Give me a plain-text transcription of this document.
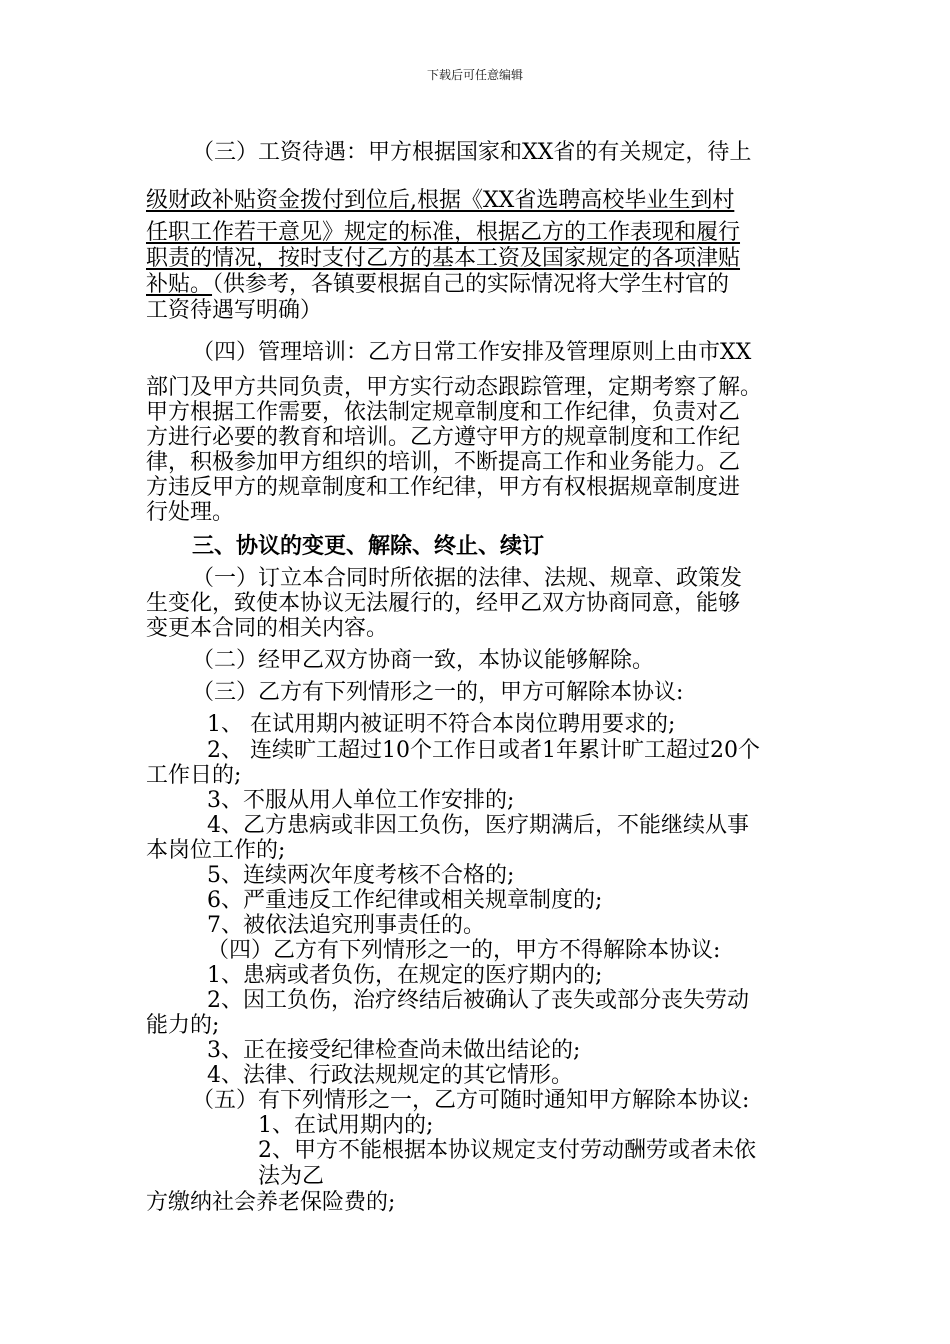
下载后可任意编辑
（三）工资待遇：甲方根据国家和XX省的有关规定，待上
级财政补贴资金拨付到位后,根据《XX省选聘高校毕业生到村
任职工作若干意见》规定的标准，根据乙方的工作表现和履行
职责的情况，按时支付乙方的基本工资及国家规定的各项津贴
补贴。（供参考，各镇要根据自己的实际情况将大学生村官的
工资待遇写明确）
（四）管理培训：乙方日常工作安排及管理原则上由市XX
部门及甲方共同负责，甲方实行动态跟踪管理，定期考察了解。
甲方根据工作需要，依法制定规章制度和工作纪律，负责对乙
方进行必要的教育和培训。乙方遵守甲方的规章制度和工作纪
律，积极参加甲方组织的培训，不断提高工作和业务能力。乙
方违反甲方的规章制度和工作纪律，甲方有权根据规章制度进
行处理。
三、协议的变更、解除、终止、续订
（一）订立本合同时所依据的法律、法规、规章、政策发
生变化，致使本协议无法履行的，经甲乙双方协商同意，能够
变更本合同的相关内容。
（二）经甲乙双方协商一致，本协议能够解除。
（三）乙方有下列情形之一的，甲方可解除本协议:
1、 在试用期内被证明不符合本岗位聘用要求的;
2、 连续旷工超过10个工作日或者1年累计旷工超过20个
工作日的;
3、不服从用人单位工作安排的;
4、乙方患病或非因工负伤，医疗期满后，不能继续从事
本岗位工作的;
5、连续两次年度考核不合格的;
6、严重违反工作纪律或相关规章制度的;
7、被依法追究刑事责任的。
（四）乙方有下列情形之一的，甲方不得解除本协议:
1、患病或者负伤，在规定的医疗期内的;
2、因工负伤，治疗终结后被确认了丧失或部分丧失劳动
能力的;
3、正在接受纪律检查尚未做出结论的;
4、法律、行政法规规定的其它情形。
（五）有下列情形之一，乙方可随时通知甲方解除本协议:
1、在试用期内的;
2、甲方不能根据本协议规定支付劳动酬劳或者未依
法为乙
方缴纳社会养老保险费的;
